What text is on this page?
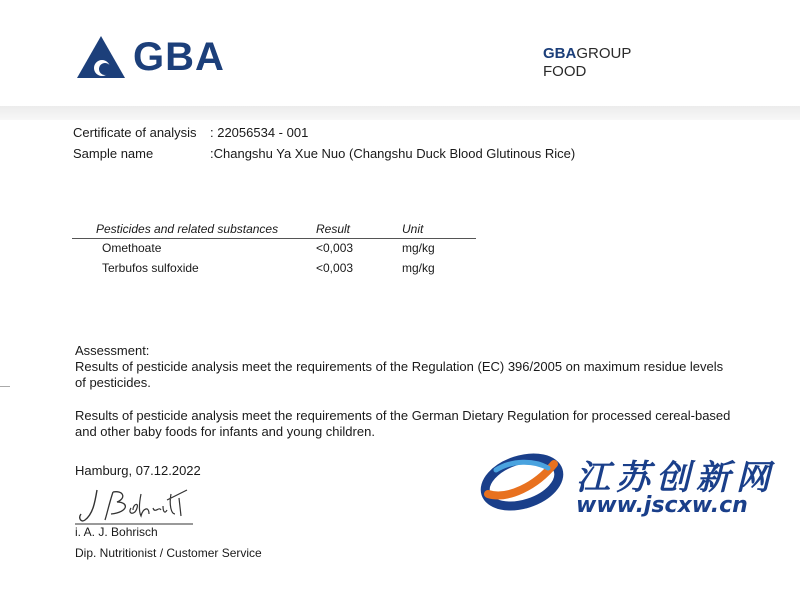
GBA	GBAGROUP
FOOD
Certificate of analysis : 22056534 - 001
Sample name	:Changshu Ya Xue Nuo (Changshu Duck Blood Glutinous Rice)
Pesticides and related substances	Result	Unit
Omethoate	<0,003	mg/kg
Terbufos sulfoxide	<0,003	mg/kg
Assessment:

Results of pesticide analysis meet the requirements of the Regulation (EC) 396/2005 on maximum residue levels of pesticides.

Results of pesticide analysis meet the requirements of the German Dietary Regulation for processed cereal-based and other baby foods for infants and young children.

Hamburg, 07.12.2022
i. A. J. Bohrisch
Dip. Nutritionist / Customer Service
江苏创新网
www.jscxw.cn
